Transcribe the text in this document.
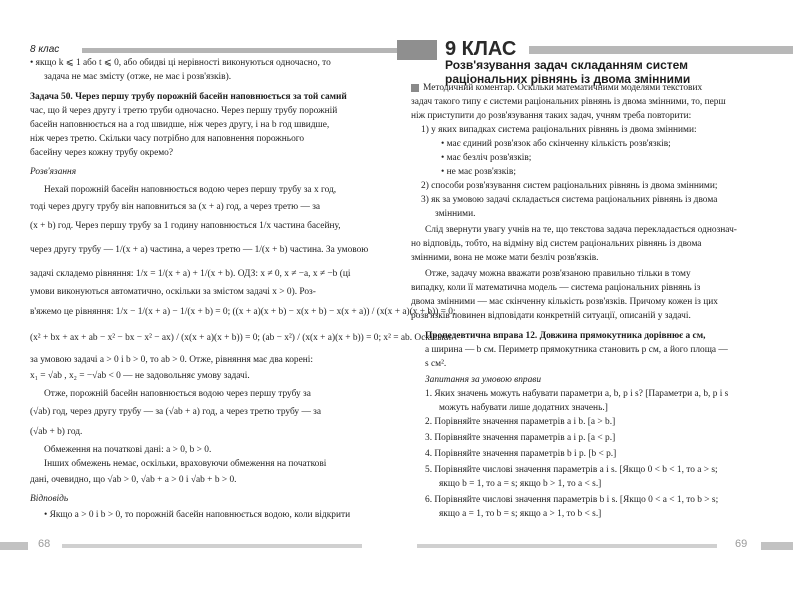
8 клас
• якщо k ⩽ 1 або t ⩽ 0, або обидві ці нерівності виконуються одночасно, то
задача не має змісту (отже, не має і розв'язків).
Задача 50. Через першу трубу порожній басейн наповнюється за той самий
час, що й через другу і третю труби одночасно. Через першу трубу порожній
басейн наповнюється на a год швидше, ніж через другу, і на b год швидше,
ніж через третю. Скільки часу потрібно для наповнення порожнього
басейну через кожну трубу окремо?
Розв'язання
Нехай порожній басейн наповнюється водою через першу трубу за x год,
тоді через другу трубу він наповниться за (x + a) год, а через третю — за
(x + b) год. Через першу трубу за 1 годину наповнюється 1/x частина басейну,
через другу трубу — 1/(x + a) частина, а через третю — 1/(x + b) частина. За умовою
задачі складемо рівняння: 1/x = 1/(x + a) + 1/(x + b). ОДЗ: x ≠ 0, x ≠ −a, x ≠ −b (ці
умови виконуються автоматично, оскільки за змістом задачі x > 0). Роз-
в'яжемо це рівняння: 1/x − 1/(x + a) − 1/(x + b) = 0; ((x + a)(x + b) − x(x + b) − x(x + a)) / (x(x + a)(x + b)) = 0;
(x² + bx + ax + ab − x² − bx − x² − ax) / (x(x + a)(x + b)) = 0; (ab − x²) / (x(x + a)(x + b)) = 0; x² = ab. Оскільки
за умовою задачі a > 0 і b > 0, то ab > 0. Отже, рівняння має два корені:
x₁ = √ab , x₂ = −√ab < 0 — не задовольняє умову задачі.
Отже, порожній басейн наповнюється водою через першу трубу за
(√ab) год, через другу трубу — за (√ab + a) год, а через третю трубу — за
(√ab + b) год.
Обмеження на початкові дані: a > 0, b > 0.
Інших обмежень немає, оскільки, враховуючи обмеження на початкові
дані, очевидно, що √ab > 0, √ab + a > 0 і √ab + b > 0.
Відповідь
• Якщо a > 0 і b > 0, то порожній басейн наповнюється водою, коли відкрити
68
9 КЛАС
Розв'язування задач складанням систем
раціональних рівнянь із двома змінними
Методичний коментар. Оскільки математичними моделями текстових
задач такого типу є системи раціональних рівнянь із двома змінними, то, перш
ніж приступити до розв'язування таких задач, учням треба повторити:
1) у яких випадках система раціональних рівнянь із двома змінними:
• має єдиний розв'язок або скінченну кількість розв'язків;
• має безліч розв'язків;
• не має розв'язків;
2) способи розв'язування систем раціональних рівнянь із двома змінними;
3) як за умовою задачі складається система раціональних рівнянь із двома
змінними.
Слід звернути увагу учнів на те, що текстова задача перекладається однознач-
но відповідь, тобто, на відміну від систем раціональних рівнянь із двома
змінними, вона не може мати безліч розв'язків.
Отже, задачу можна вважати розв'язаною правильно тільки в тому
випадку, коли її математична модель — система раціональних рівнянь із
двома змінними — має скінченну кількість розв'язків. Причому кожен із цих
розв'язків повинен відповідати конкретній ситуації, описаній у задачі.
Пропедевтична вправа 12. Довжина прямокутника дорівнює a см,
а ширина — b см. Периметр прямокутника становить p см, а його площа —
s см².
Запитання за умовою вправи
1. Яких значень можуть набувати параметри a, b, p і s? [Параметри a, b, p і s
можуть набувати лише додатних значень.]
2. Порівняйте значення параметрів a і b. [a > b.]
3. Порівняйте значення параметрів a і p. [a < p.]
4. Порівняйте значення параметрів b і p. [b < p.]
5. Порівняйте числові значення параметрів a і s. [Якщо 0 < b < 1, то a > s;
якщо b = 1, то a = s; якщо b > 1, то a < s.]
6. Порівняйте числові значення параметрів b і s. [Якщо 0 < a < 1, то b > s;
якщо a = 1, то b = s; якщо a > 1, то b < s.]
69
